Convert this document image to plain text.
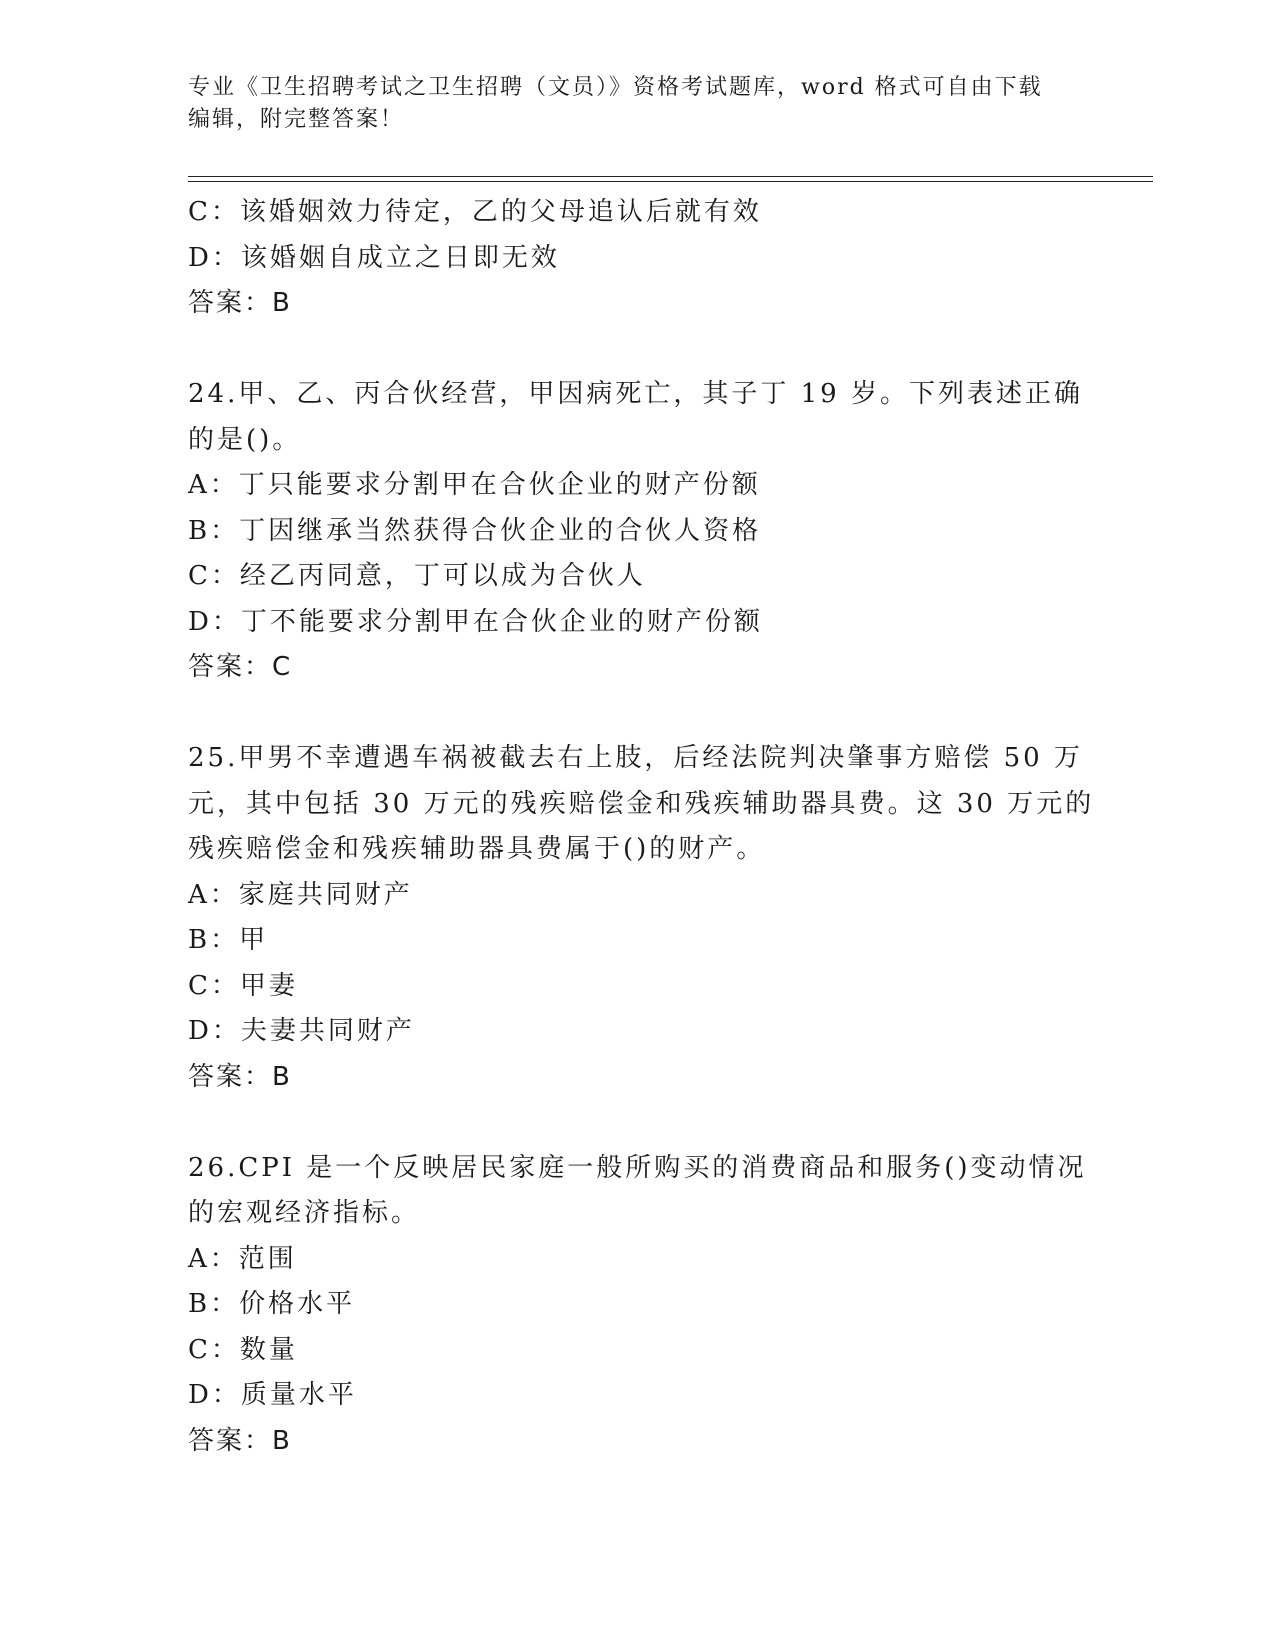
专业《卫生招聘考试之卫生招聘（文员）》资格考试题库，word 格式可自由下载
编辑，附完整答案！
C：该婚姻效力待定，乙的父母追认后就有效
D：该婚姻自成立之日即无效
答案：B
24.甲、乙、丙合伙经营，甲因病死亡，其子丁 19 岁。下列表述正确
的是()。
A：丁只能要求分割甲在合伙企业的财产份额
B：丁因继承当然获得合伙企业的合伙人资格
C：经乙丙同意，丁可以成为合伙人
D：丁不能要求分割甲在合伙企业的财产份额
答案：C
25.甲男不幸遭遇车祸被截去右上肢，后经法院判决肇事方赔偿 50 万
元，其中包括 30 万元的残疾赔偿金和残疾辅助器具费。这 30 万元的
残疾赔偿金和残疾辅助器具费属于()的财产。
A：家庭共同财产
B：甲
C：甲妻
D：夫妻共同财产
答案：B
26.CPI 是一个反映居民家庭一般所购买的消费商品和服务()变动情况
的宏观经济指标。
A：范围
B：价格水平
C：数量
D：质量水平
答案：B
